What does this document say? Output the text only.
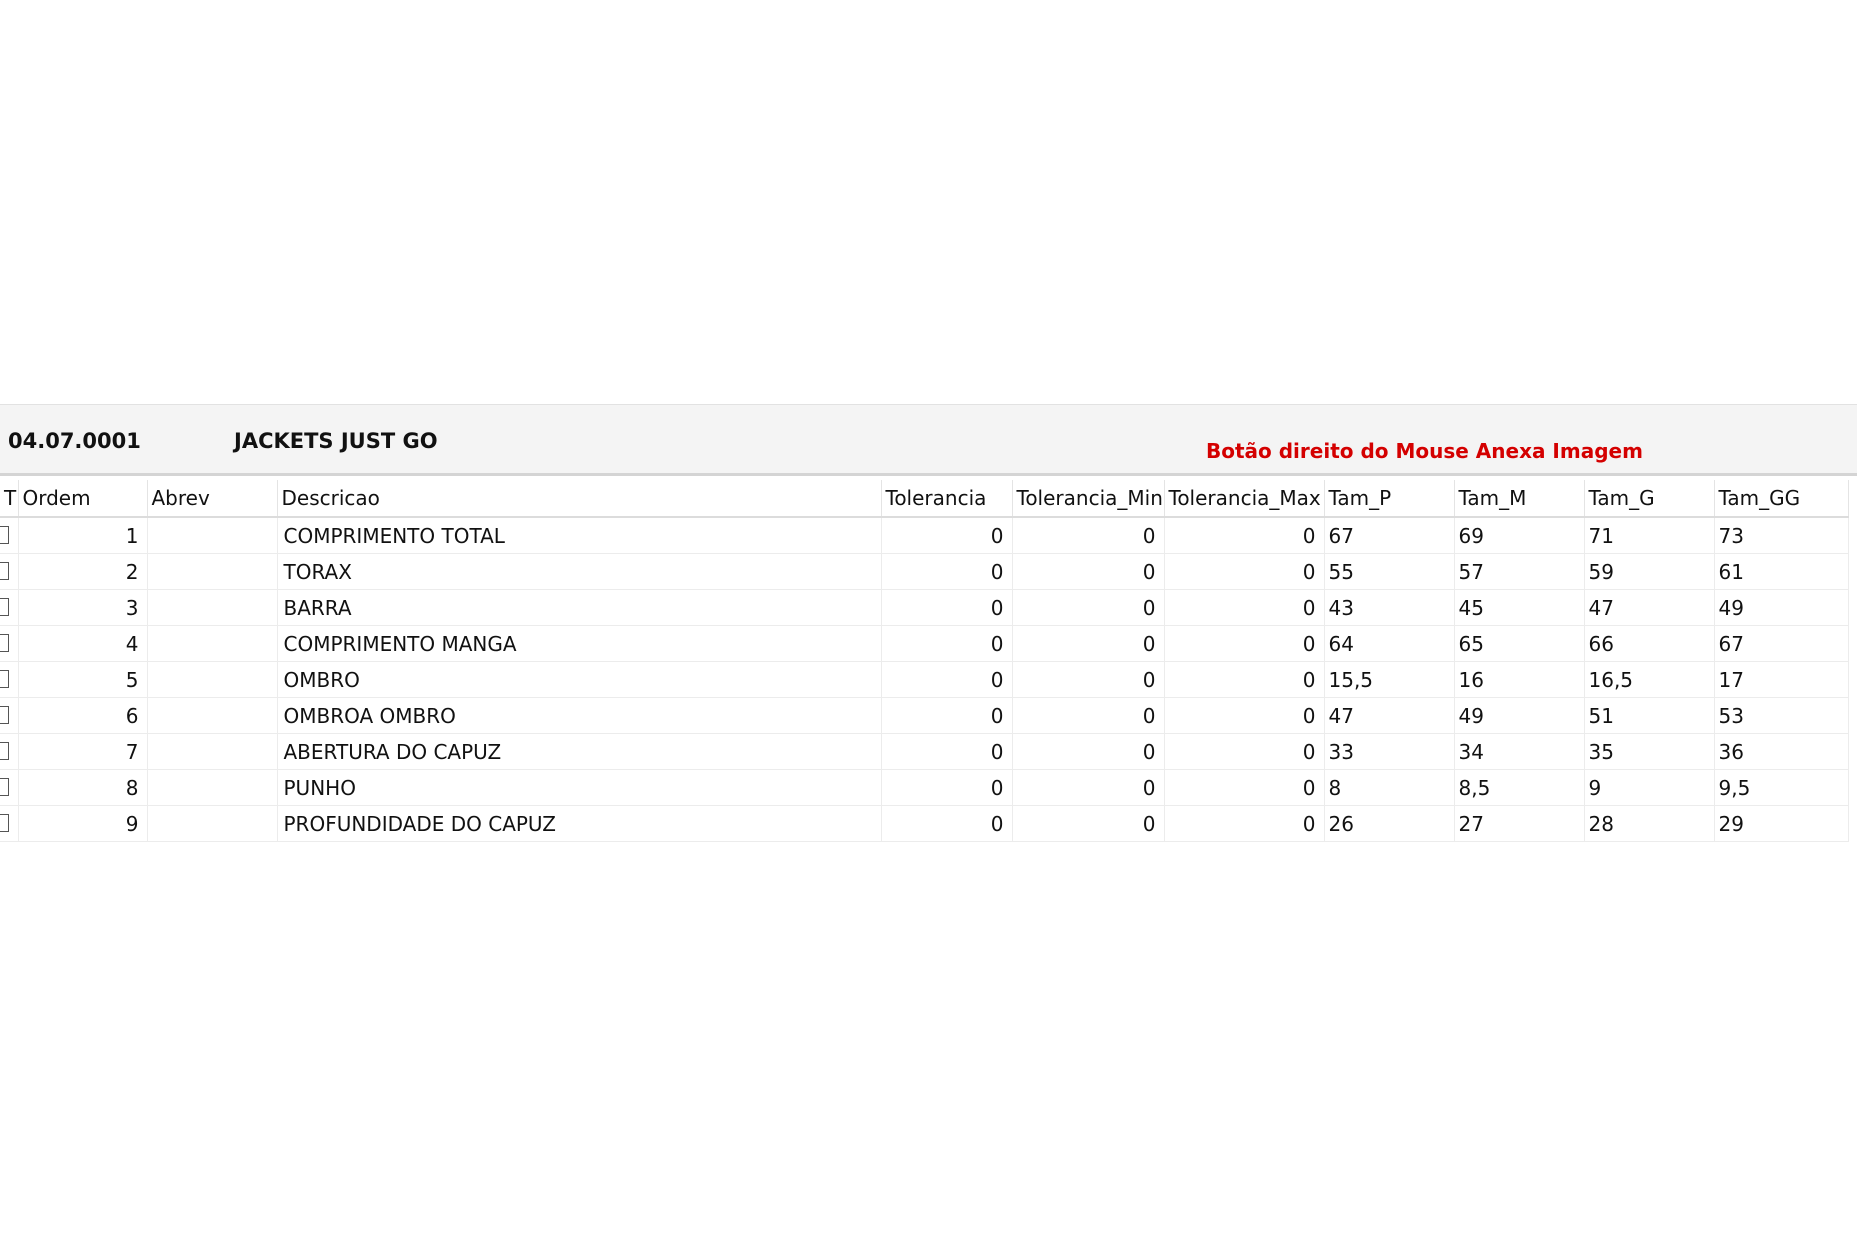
04.07.0001	JACKETS JUST GO	Botão direito do Mouse Anexa Imagem
T	Ordem	Abrev	Descricao	Tolerancia	Tolerancia_Min	Tolerancia_Max	Tam_P	Tam_M	Tam_G	Tam_GG
	1		COMPRIMENTO TOTAL	0	0	0	67	69	71	73
	2		TORAX	0	0	0	55	57	59	61
	3		BARRA	0	0	0	43	45	47	49
	4		COMPRIMENTO MANGA	0	0	0	64	65	66	67
	5		OMBRO	0	0	0	15,5	16	16,5	17
	6		OMBROA OMBRO	0	0	0	47	49	51	53
	7		ABERTURA DO CAPUZ	0	0	0	33	34	35	36
	8		PUNHO	0	0	0	8	8,5	9	9,5
	9		PROFUNDIDADE DO CAPUZ	0	0	0	26	27	28	29
